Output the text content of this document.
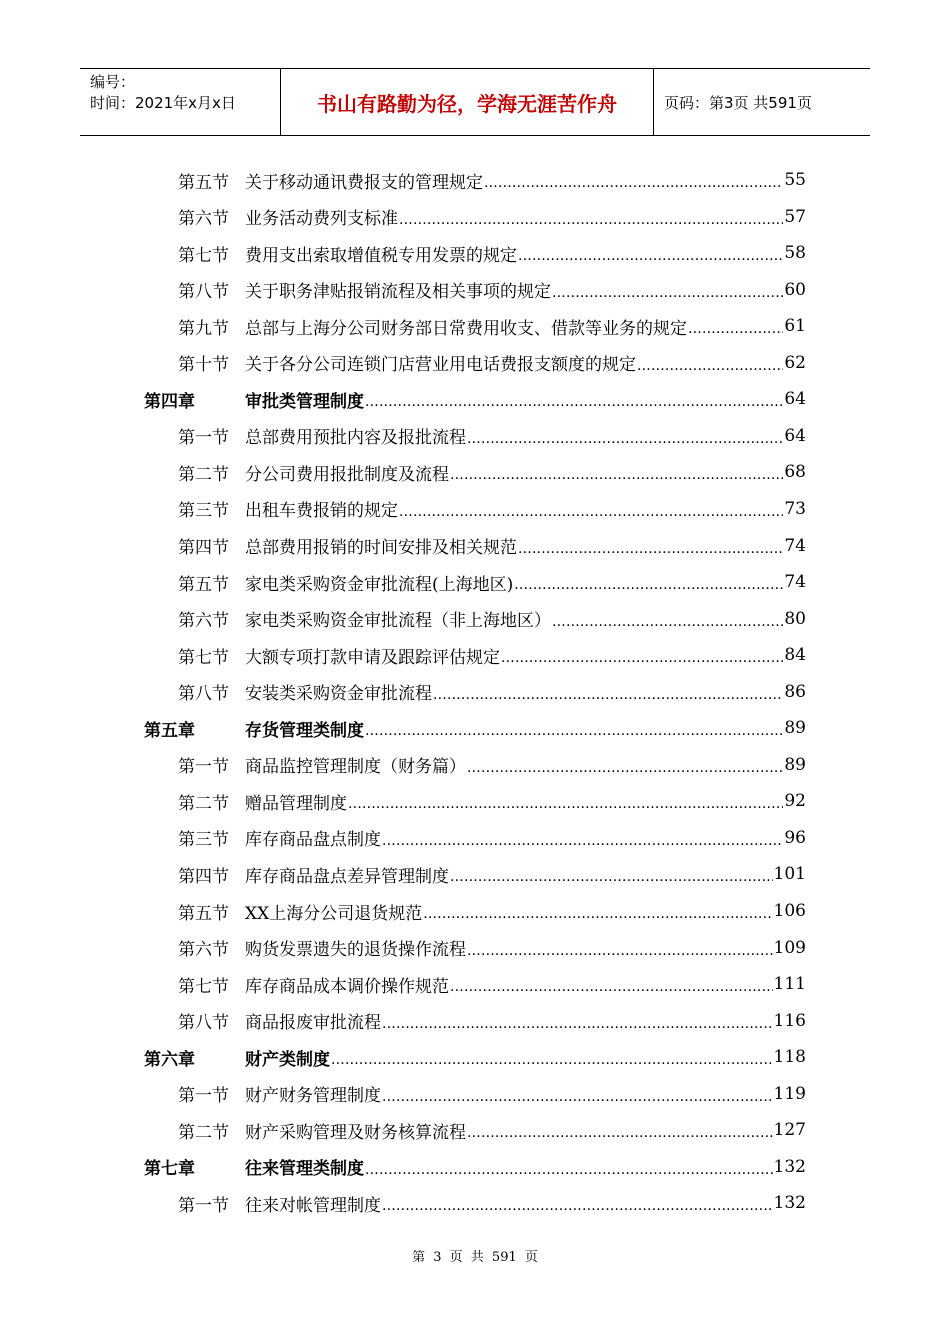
编号：
时间：2021年x月x日	书山有路勤为径，学海无涯苦作舟	页码：第3页 共591页
第五节 关于移动通讯费报支的管理规定 .....	55
第六节 业务活动费列支标准 .....	57
第七节 费用支出索取增值税专用发票的规定 .....	58
第八节 关于职务津贴报销流程及相关事项的规定 .....	60
第九节 总部与上海分公司财务部日常费用收支、借款等业务的规定 .....	61
第十节 关于各分公司连锁门店营业用电话费报支额度的规定 .....	62
第四章	审批类管理制度 .....	64
第一节 总部费用预批内容及报批流程 .....	64
第二节 分公司费用报批制度及流程 .....	68
第三节 出租车费报销的规定 .....	73
第四节 总部费用报销的时间安排及相关规范 .....	74
第五节 家电类采购资金审批流程(上海地区) .....	74
第六节 家电类采购资金审批流程（非上海地区） .....	80
第七节 大额专项打款申请及跟踪评估规定 .....	84
第八节 安装类采购资金审批流程 .....	86
第五章	存货管理类制度 .....	89
第一节 商品监控管理制度（财务篇） .....	89
第二节 赠品管理制度 .....	92
第三节 库存商品盘点制度 .....	96
第四节 库存商品盘点差异管理制度 .....	101
第五节 XX上海分公司退货规范 .....	106
第六节 购货发票遗失的退货操作流程 .....	109
第七节 库存商品成本调价操作规范 .....	111
第八节 商品报废审批流程 .....	116
第六章	财产类制度 .....	118
第一节 财产财务管理制度 .....	119
第二节 财产采购管理及财务核算流程 .....	127
第七章	往来管理类制度 .....	132
第一节 往来对帐管理制度 .....	132
第 3 页 共 591 页
